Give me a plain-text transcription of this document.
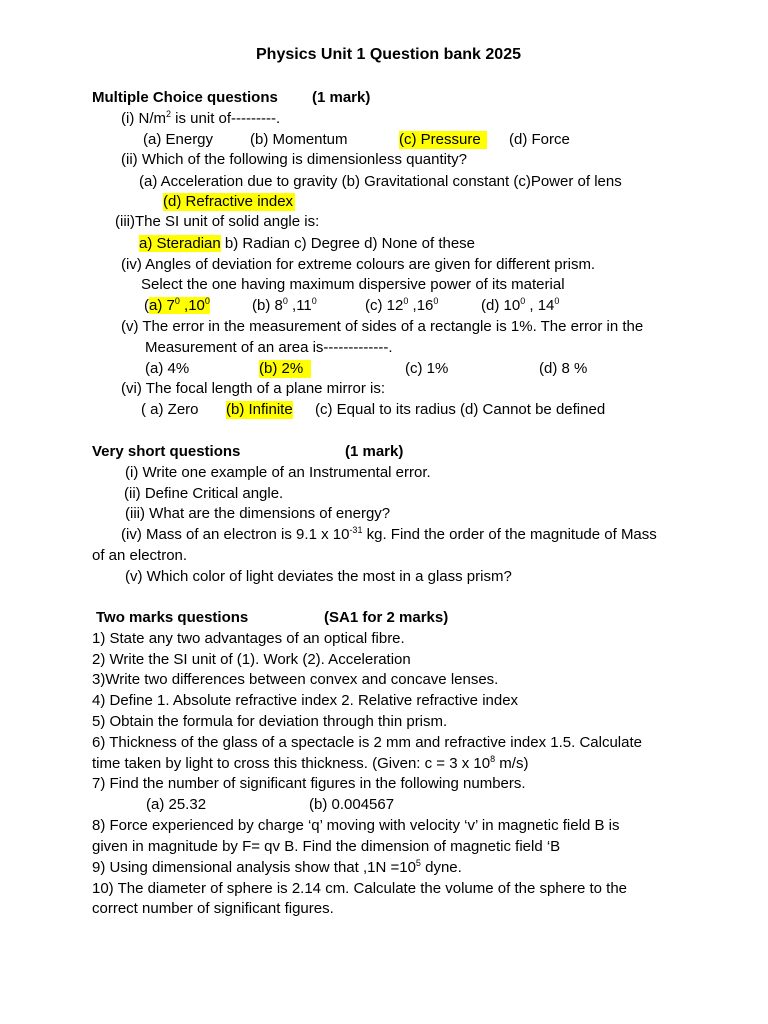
Physics Unit 1 Question bank 2025
Multiple Choice questions (1 mark)
(i) $N/m^2$ is unit of---------.
(a) Energy (b) Momentum	(c) Pressure	(d) Force
(ii) Which of the following is dimensionless quantity?
(a) Acceleration due to gravity (b) Gravitational constant (c)Power of lens
(d) Refractive index
(iii)The SI unit of solid angle is:
a) Steradian b) Radian c) Degree d) None of these
(iv) Angles of deviation for extreme colours are given for different prism.
Select the one having maximum dispersive power of its material
(a) $7^0$ $,10^0$	(b) $8^0$ $,11^0$	(c) $12^0$ $,16^0$	(d) $10^0$ , $14^0$
(v) The error in the measurement of sides of a rectangle is 1%. The error in the
Measurement of an area is-------------.
(a) 4%	(b) 2%	(c) 1%	(d) 8 %
(vi) The focal length of a plane mirror is:
( a) Zero (b) Infinite (c) Equal to its radius (d) Cannot be defined
Very short questions	(1 mark)
(i) Write one example of an Instrumental error.
(ii) Define Critical angle.
(iii) What are the dimensions of energy?
(iv) Mass of an electron is 9.1 x $10^{-31}$ kg. Find the order of the magnitude of Mass
of an electron.
(v) Which color of light deviates the most in a glass prism?
Two marks questions	(SA1 for 2 marks)
1) State any two advantages of an optical fibre.
2) Write the SI unit of (1). Work (2). Acceleration
3)Write two differences between convex and concave lenses.
4) Define 1. Absolute refractive index 2. Relative refractive index
5) Obtain the formula for deviation through thin prism.
6) Thickness of the glass of a spectacle is 2 mm and refractive index 1.5. Calculate
time taken by light to cross this thickness. (Given: c = 3 x $10^8$ m/s)
7) Find the number of significant figures in the following numbers.
(a) 25.32	(b) 0.004567
8) Force experienced by charge ‘q’ moving with velocity ‘v’ in magnetic field B is
given in magnitude by F= qv B. Find the dimension of magnetic field ‘B
9) Using dimensional analysis show that $,1N =10^5$ dyne.
10) The diameter of sphere is 2.14 cm. Calculate the volume of the sphere to the
correct number of significant figures.
